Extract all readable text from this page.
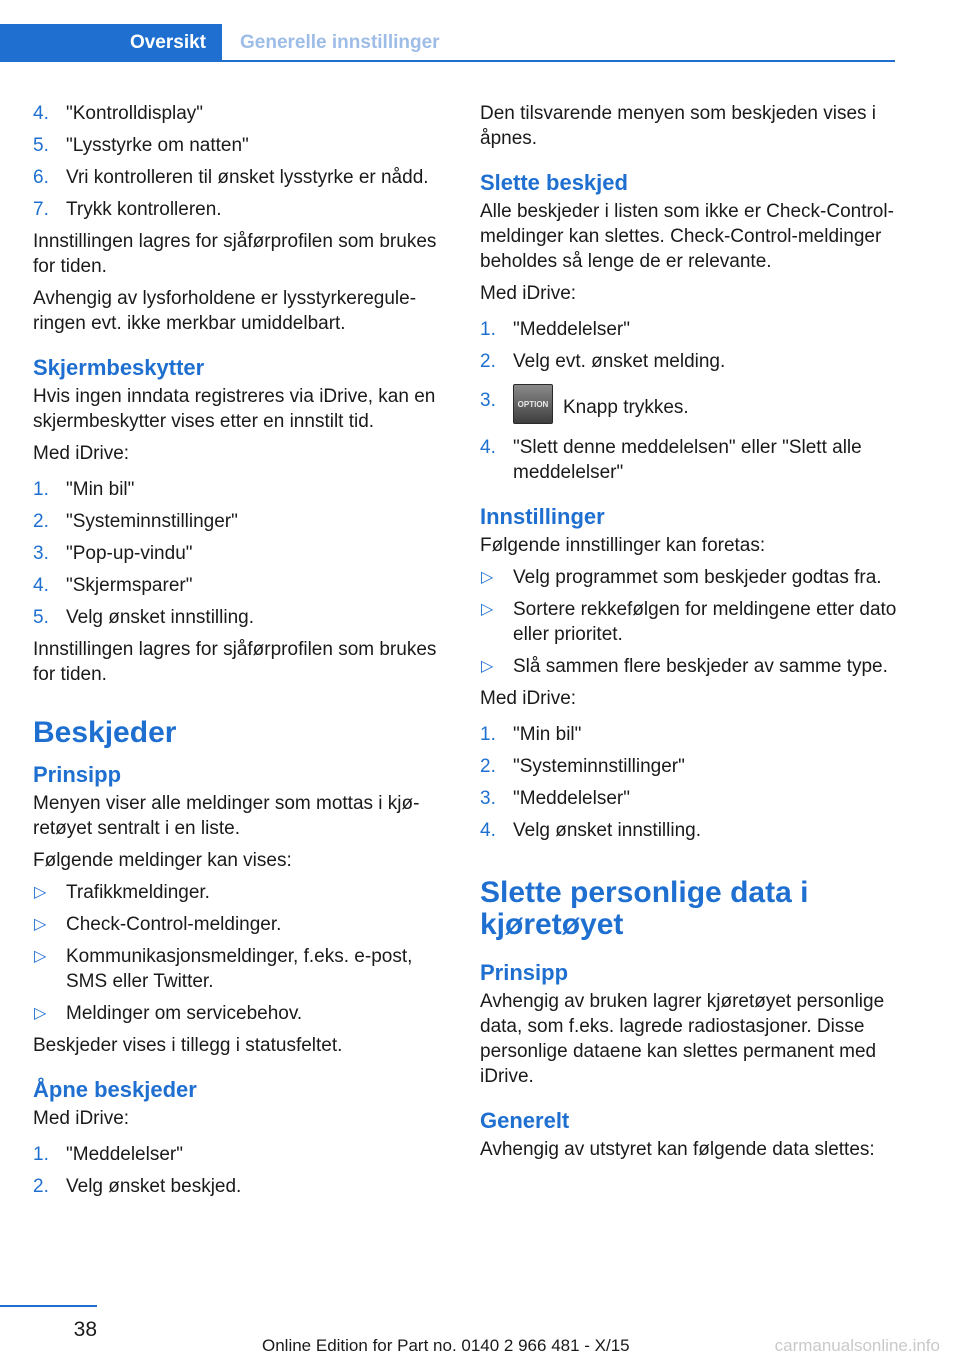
Oversikt	Generelle innstillinger
4. "Kontrolldisplay"
5. "Lysstyrke om natten"
6. Vri kontrolleren til ønsket lysstyrke er nådd.
7. Trykk kontrolleren.

Innstillingen lagres for sjåførprofilen som brukes for tiden.

Avhengig av lysforholdene er lysstyrkereguleringen evt. ikke merkbar umiddelbart.

Skjermbeskytter

Hvis ingen inndata registreres via iDrive, kan en skjermbeskytter vises etter en innstilt tid.

Med iDrive:

1. "Min bil"
2. "Systeminnstillinger"
3. "Pop-up-vindu"
4. "Skjermsparer"
5. Velg ønsket innstilling.

Innstillingen lagres for sjåførprofilen som brukes for tiden.

Beskjeder
Prinsipp

Menyen viser alle meldinger som mottas i kjøretøyet sentralt i en liste.

Følgende meldinger kan vises:

▷ Trafikkmeldinger.
▷ Check-Control-meldinger.
▷ Kommunikasjonsmeldinger, f.eks. e-post, SMS eller Twitter.
▷ Meldinger om servicebehov.

Beskjeder vises i tillegg i statusfeltet.

Åpne beskjeder

Med iDrive:

1. "Meddelelser"
2. Velg ønsket beskjed.

Den tilsvarende menyen som beskjeden vises i åpnes.

Slette beskjed

Alle beskjeder i listen som ikke er Check-Control-meldinger kan slettes. Check-Control-meldinger beholdes så lenge de er relevante.

Med iDrive:

1. "Meddelelser"
2. Velg evt. ønsket melding.
3.	OPTION Knapp trykkes.
4. "Slett denne meddelelsen" eller "Slett alle meddelelser"
Innstillinger

Følgende innstillinger kan foretas:

▷ Velg programmet som beskjeder godtas fra.
▷ Sortere rekkefølgen for meldingene etter dato eller prioritet.
▷ Slå sammen flere beskjeder av samme type.

Med iDrive:

1. "Min bil"
2. "Systeminnstillinger"
3. "Meddelelser"
4. Velg ønsket innstilling.
Slette personlige data i kjøretøyet
Prinsipp

Avhengig av bruken lagrer kjøretøyet personlige data, som f.eks. lagrede radiostasjoner. Disse personlige dataene kan slettes permanent med iDrive.

Generelt

Avhengig av utstyret kan følgende data slettes:

38
Online Edition for Part no. 0140 2 966 481 - X/15	carmanualsonline.info
